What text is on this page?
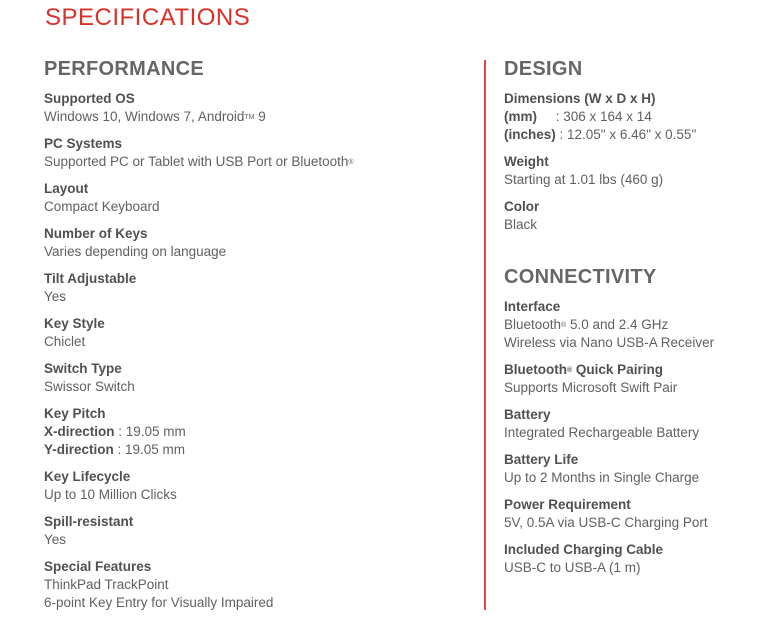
SPECIFICATIONS
PERFORMANCE
Supported OS
Windows 10, Windows 7, Android™ 9
PC Systems
Supported PC or Tablet with USB Port or Bluetooth®
Layout
Compact Keyboard
Number of Keys
Varies depending on language
Tilt Adjustable
Yes
Key Style
Chiclet
Switch Type
Swissor Switch
Key Pitch
X-direction : 19.05 mm
Y-direction : 19.05 mm
Key Lifecycle
Up to 10 Million Clicks
Spill-resistant
Yes
Special Features
ThinkPad TrackPoint
6-point Key Entry for Visually Impaired
DESIGN
Dimensions (W x D x H)
(mm)     : 306 x 164 x 14
(inches) : 12.05" x 6.46" x 0.55"
Weight
Starting at 1.01 lbs (460 g)
Color
Black
CONNECTIVITY
Interface
Bluetooth® 5.0 and 2.4 GHz
Wireless via Nano USB-A Receiver
Bluetooth® Quick Pairing
Supports Microsoft Swift Pair
Battery
Integrated Rechargeable Battery
Battery Life
Up to 2 Months in Single Charge
Power Requirement
5V, 0.5A via USB-C Charging Port
Included Charging Cable
USB-C to USB-A (1 m)
